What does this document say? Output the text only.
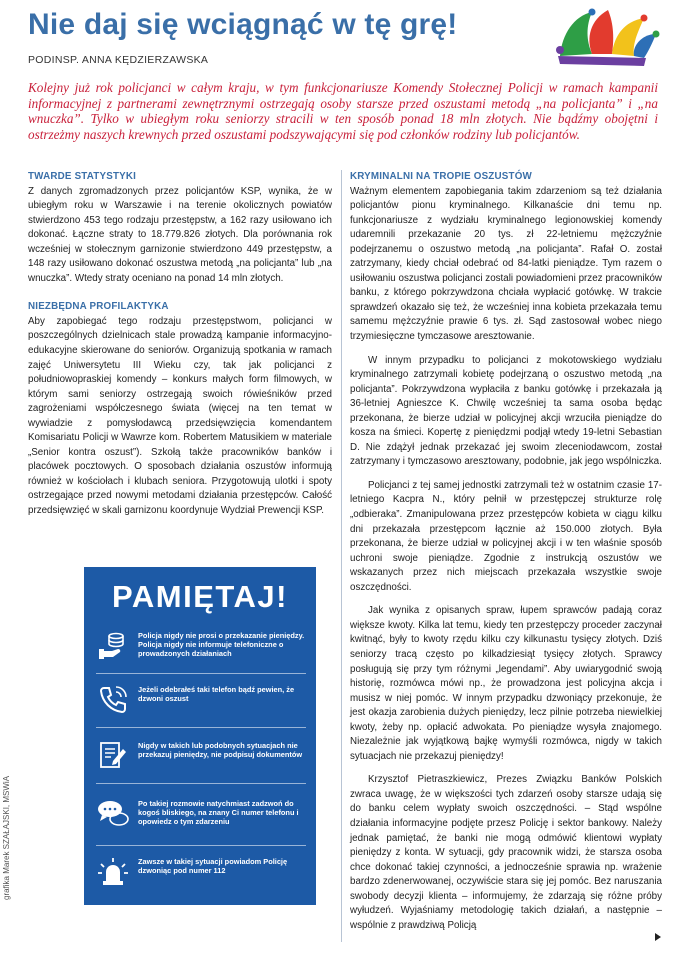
Nie daj się wciągnąć w tę grę!
PODINSP. ANNA KĘDZIERZAWSKA
Kolejny już rok policjanci w całym kraju, w tym funkcjonariusze Komendy Stołecznej Policji w ramach kampanii informacyjnej z partnerami zewnętrznymi ostrzegają osoby starsze przed oszustami metodą „na policjanta” i „na wnuczka”. Tylko w ubiegłym roku seniorzy stracili w ten sposób ponad 18 mln złotych. Nie bądźmy obojętni i ostrzeżmy naszych krewnych przed oszustami podszywającymi się pod członków rodziny lub policjantów.
TWARDE STATYSTYKI

Z danych zgromadzonych przez policjantów KSP, wynika, że w ubiegłym roku w Warszawie i na terenie okolicznych powiatów stwierdzono 453 tego rodzaju przestępstw, a 162 razy usiłowano ich dokonać. Łączne straty to 18.779.826 złotych. Dla porównania rok wcześniej w stołecznym garnizonie stwierdzono 449 przestępstw, a 148 razy usiłowano dokonać oszustwa metodą „na policjanta” lub „na wnuczka”. Wtedy straty oceniano na ponad 14 mln złotych.

NIEZBĘDNA PROFILAKTYKA

Aby zapobiegać tego rodzaju przestępstwom, policjanci w poszczególnych dzielnicach stale prowadzą kampanie informacyjno-edukacyjne skierowane do seniorów. Organizują spotkania w ramach zajęć Uniwersytetu III Wieku czy, tak jak policjanci z południowopraskiej komendy – konkurs małych form filmowych, w którym sami seniorzy ostrzegają swoich rówieśników przed zagrożeniami współczesnego świata (więcej na ten temat w wywiadzie z pomysłodawcą przedsięwzięcia komendantem Komisariatu Policji w Wawrze kom. Robertem Matusikiem w materiale „Senior kontra oszust”). Szkołą także pracowników banków i placówek pocztowych. O sposobach działania oszustów informują również w kościołach i klubach seniora. Przygotowują ulotki i spoty ostrzegające przed nowymi metodami działania przestępców. Całość przedsięwzięć w skali garnizonu koordynuje Wydział Prewencji KSP.

KRYMINALNI NA TROPIE OSZUSTÓW

Ważnym elementem zapobiegania takim zdarzeniom są też działania policjantów pionu kryminalnego. Kilkanaście dni temu np. funkcjonariusze z wydziału kryminalnego legionowskiej komendy udaremnili przekazanie 20 tys. zł 22-letniemu mężczyźnie podejrzanemu o oszustwo metodą „na policjanta”. Rafał O. został zatrzymany, kiedy chciał odebrać od 84-latki pieniądze. Tym razem o usiłowaniu oszustwa policjanci zostali powiadomieni przez pracowników banku, z którego pokrzywdzona chciała wypłacić gotówkę. W trakcie sprawdzeń okazało się też, że wcześniej inna kobieta przekazała temu samemu mężczyźnie prawie 6 tys. zł. Sąd zastosował wobec niego trzymiesięczne tymczasowe aresztowanie.

W innym przypadku to policjanci z mokotowskiego wydziału kryminalnego zatrzymali kobietę podejrzaną o oszustwo metodą „na policjanta”. Pokrzywdzona wypłaciła z banku gotówkę i przekazała ją 36-letniej Agnieszce K. Chwilę wcześniej ta sama osoba będąc przekonana, że bierze udział w policyjnej akcji wrzuciła pieniądze do kosza na śmieci. Kopertę z pieniędzmi podjął wtedy 19-letni Sebastian D. Nie zdążył jednak przekazać jej swoim zleceniodawcom, został zatrzymany i tymczasowo aresztowany, podobnie, jak jego wspólniczka.

Policjanci z tej samej jednostki zatrzymali też w ostatnim czasie 17-letniego Kacpra N., który pełnił w przestępczej strukturze rolę „odbieraka”. Zmanipulowana przez przestępców kobieta w ciągu kilku dni przekazała przestępcom łącznie aż 150.000 złotych. Była przekonana, że bierze udział w policyjnej akcji i w ten właśnie sposób uchroni swoje pieniądze. Zgodnie z instrukcją oszustów we wskazanych przez nich miejscach przekazała wszystkie swoje oszczędności.

Jak wynika z opisanych spraw, łupem sprawców padają coraz większe kwoty. Kilka lat temu, kiedy ten przestępczy proceder zaczynał kwitnąć, były to kwoty rzędu kilku czy kilkunastu tysięcy złotych. Dziś seniorzy tracą często po kilkadziesiąt tysięcy złotych. Sprawcy posługują się przy tym różnymi „legendami”. Aby uwiarygodnić swoją historię, rozmówca mówi np., że prowadzona jest policyjna akcja i musisz w niej pomóc. W innym przypadku dzwoniący przekonuje, że jest okazja zarobienia dużych pieniędzy, lecz pilnie potrzeba niewielkiej kwoty, żeby np. opłacić adwokata. Po pieniądze wysyła znajomego. Niezależnie jak wyjątkową bajkę wymyśli rozmówca, nigdy w takich sytuacjach nie przekazuj pieniędzy!

Krzysztof Pietraszkiewicz, Prezes Związku Banków Polskich zwraca uwagę, że w większości tych zdarzeń osoby starsze udają się do banku celem wypłaty swoich oszczędności. – Stąd wspólne działania informacyjne podjęte przesz Policję i sektor bankowy. Należy jednak pamiętać, że banki nie mogą odmówić klientowi wypłaty pieniędzy z konta. W sytuacji, gdy pracownik widzi, że starsza osoba chce dokonać takiej czynności, a jednocześnie sprawia np. wrażenie bardzo zdenerwowanej, oczywiście stara się jej pomóc. Bez naruszania swobody decyzji klienta – informujemy, że zdarzają się różne próby wyłudzeń. Wyjaśniamy metodologię takich działań, a następnie – wspólnie z prawdziwą Policją

PAMIĘTAJ!
Policja nigdy nie prosi o przekazanie pieniędzy. Policja nigdy nie informuje telefoniczne o prowadzonych działaniach
Jeżeli odebrałeś taki telefon bądź pewien, że dzwoni oszust
Nigdy w takich lub podobnych sytuacjach nie przekazuj pieniędzy, nie podpisuj dokumentów
Po takiej rozmowie natychmiast zadzwoń do kogoś bliskiego, na znany Ci numer telefonu i opowiedz o tym zdarzeniu
Zawsze w takiej sytuacji powiadom Policję dzwoniąc pod numer 112
grafika Marek SZAŁAJSKI, MSWiA
